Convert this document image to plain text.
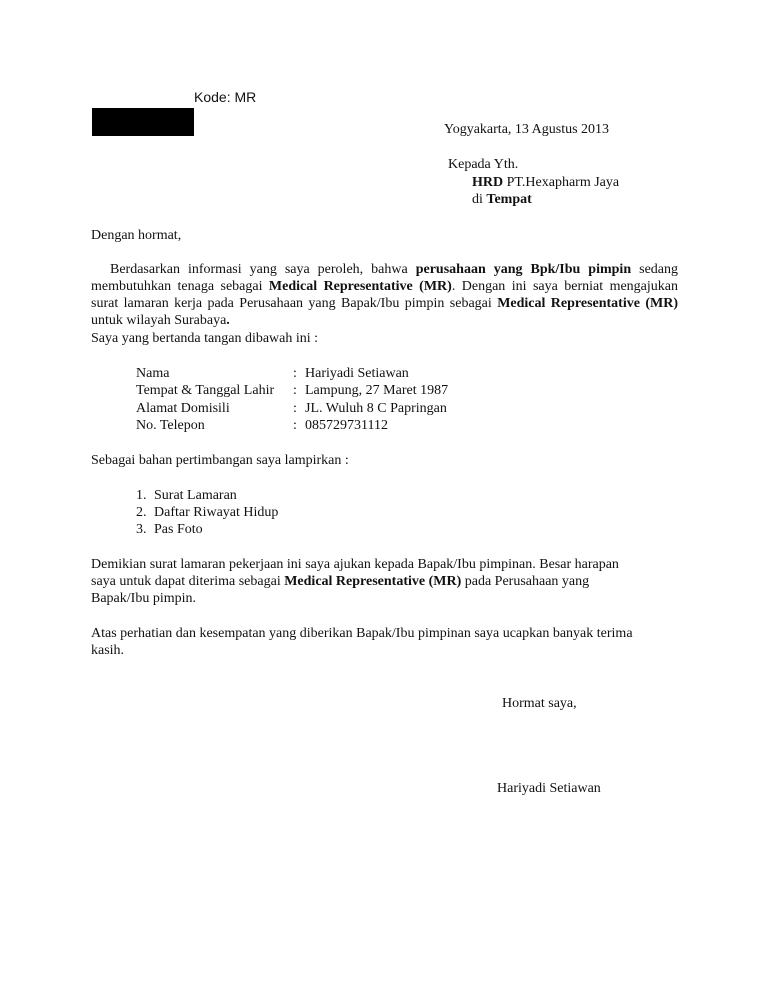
Kode: MR
Yogyakarta, 13 Agustus 2013
Kepada Yth.
HRD PT.Hexapharm Jaya
di Tempat
Dengan hormat,
Berdasarkan informasi yang saya peroleh, bahwa perusahaan yang Bpk/Ibu pimpin sedang membutuhkan tenaga sebagai Medical Representative (MR). Dengan ini saya berniat mengajukan surat lamaran kerja pada Perusahaan yang Bapak/Ibu pimpin sebagai Medical Representative (MR) untuk wilayah Surabaya.
Saya yang bertanda tangan dibawah ini :
Nama	: Hariyadi Setiawan
Tempat & Tanggal Lahir : Lampung, 27 Maret 1987
Alamat Domisili	: JL. Wuluh 8 C Papringan
No. Telepon	: 085729731112
Sebagai bahan pertimbangan saya lampirkan :
1. Surat Lamaran
2. Daftar Riwayat Hidup
3. Pas Foto
Demikian surat lamaran pekerjaan ini saya ajukan kepada Bapak/Ibu pimpinan. Besar harapan
saya untuk dapat diterima sebagai Medical Representative (MR) pada Perusahaan yang
Bapak/Ibu pimpin.
Atas perhatian dan kesempatan yang diberikan Bapak/Ibu pimpinan saya ucapkan banyak terima
kasih.
Hormat saya,
Hariyadi Setiawan
